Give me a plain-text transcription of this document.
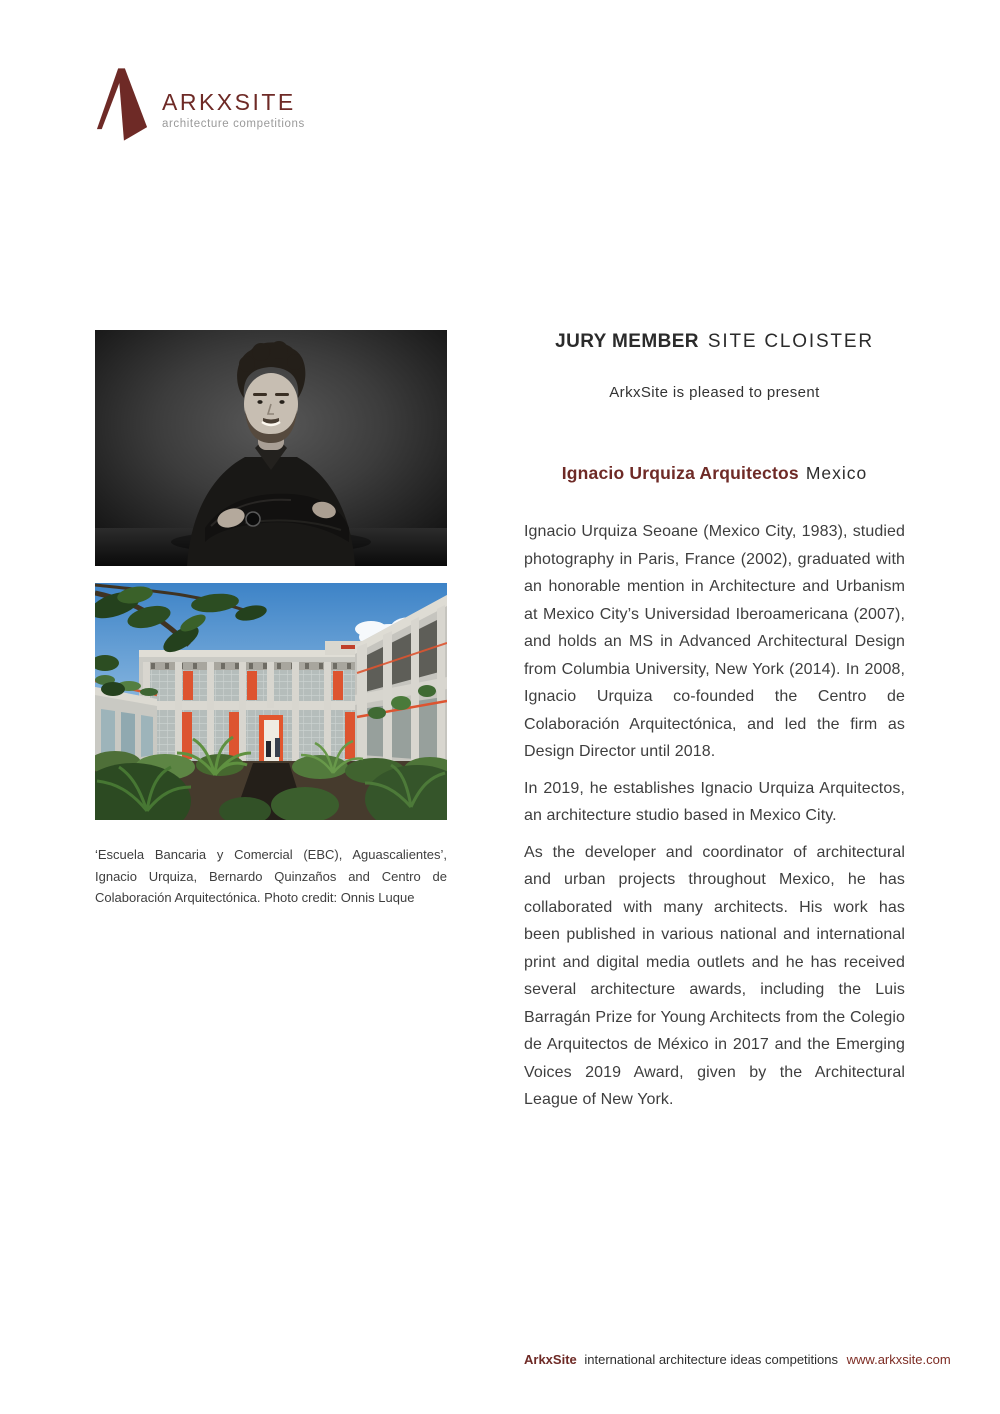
ARKXSITE
architecture competitions

‘Escuela Bancaria y Comercial (EBC), Aguascalientes’, Ignacio Urquiza, Bernardo Quinzaños and Centro de Colaboración Arquitectónica. Photo credit: Onnis Luque

JURY MEMBER SITE CLOISTER

ArkxSite is pleased to present

Ignacio Urquiza Arquitectos Mexico

Ignacio Urquiza Seoane (Mexico City, 1983), studied photography in Paris, France (2002), graduated with an honorable mention in Architecture and Urbanism at Mexico City’s Universidad Iberoamericana (2007), and holds an MS in Advanced Architectural Design from Columbia University, New York (2014). In 2008, Ignacio Urquiza co-founded the Centro de Colaboración Arquitectónica, and led the firm as Design Director until 2018.

In 2019, he establishes Ignacio Urquiza Arquitectos, an architecture studio based in Mexico City.

As the developer and coordinator of architectural and urban projects throughout Mexico, he has collaborated with many architects. His work has been published in various national and international print and digital media outlets and he has received several architecture awards, including the Luis Barragán Prize for Young Architects from the Colegio de Arquitectos de México in 2017 and the Emerging Voices 2019 Award, given by the Architectural League of New York.

ArkxSite international architecture ideas competitions www.arkxsite.com
